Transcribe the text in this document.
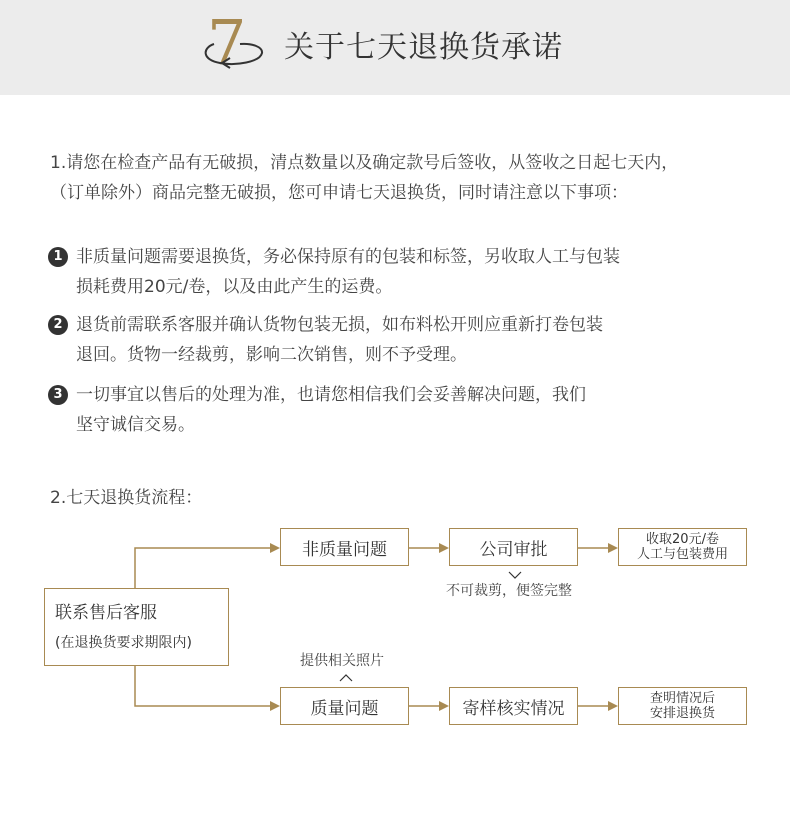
7 关于七天退换货承诺
1.请您在检查产品有无破损，清点数量以及确定款号后签收，从签收之日起七天内，
（订单除外）商品完整无破损，您可申请七天退换货，同时请注意以下事项：
1 非质量问题需要退换货，务必保持原有的包装和标签，另收取人工与包装
损耗费用20元/卷，以及由此产生的运费。
2 退货前需联系客服并确认货物包装无损，如布料松开则应重新打卷包装
退回。货物一经裁剪，影响二次销售，则不予受理。
3 一切事宜以售后的处理为准，也请您相信我们会妥善解决问题，我们
坚守诚信交易。
2.七天退换货流程：
联系售后客服
(在退换货要求期限内)
非质量问题	公司审批	收取20元/卷
人工与包装费用
不可裁剪，便签完整
提供相关照片
质量问题	寄样核实情况	查明情况后
安排退换货
